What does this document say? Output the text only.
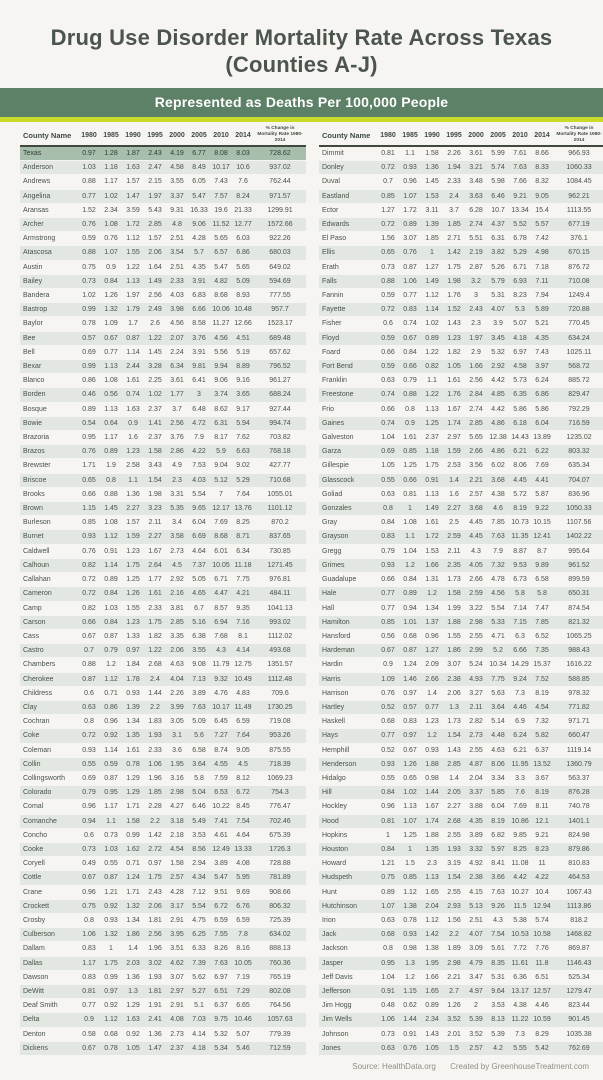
Drug Use Disorder Mortality Rate Across Texas
(Counties A-J)
Represented as Deaths Per 100,000 People
County Name	1980	1985	1990	1995	2000	2005	2010	2014	% Change in Mortality Rate 1980-2014
Texas	0.97	1.28	1.87	2.43	4.19	6.77	8.08	8.03	728.62
Anderson	1.03	1.18	1.63	2.47	4.58	8.49	10.17	10.6	937.02
Andrews	0.88	1.17	1.57	2.15	3.55	6.05	7.43	7.6	762.44
Angelina	0.77	1.02	1.47	1.97	3.37	5.47	7.57	8.24	971.57
Aransas	1.52	2.34	3.59	5.43	9.31	16.33	19.6	21.33	1299.91
Archer	0.76	1.08	1.72	2.85	4.8	9.06	11.52	12.77	1572.66
Armstrong	0.59	0.76	1.12	1.57	2.51	4.28	5.65	6.03	922.26
Atascosa	0.88	1.07	1.55	2.06	3.54	5.7	6.57	6.86	680.03
Austin	0.75	0.9	1.22	1.64	2.51	4.35	5.47	5.65	649.02
Bailey	0.73	0.84	1.13	1.49	2.33	3.91	4.82	5.09	594.69
Bandera	1.02	1.26	1.97	2.56	4.03	6.83	8.68	8.93	777.55
Bastrop	0.99	1.32	1.79	2.49	3.98	6.66	10.06	10.48	957.7
Baylor	0.78	1.09	1.7	2.6	4.56	8.58	11.27	12.66	1523.17
Bee	0.57	0.67	0.87	1.22	2.07	3.76	4.56	4.51	689.48
Bell	0.69	0.77	1.14	1.45	2.24	3.91	5.56	5.19	657.62
Bexar	0.99	1.13	2.44	3.28	6.34	9.81	9.94	8.89	796.52
Blanco	0.86	1.08	1.61	2.25	3.61	6.41	9.06	9.16	961.27
Borden	0.46	0.56	0.74	1.02	1.77	3	3.74	3.65	688.24
Bosque	0.89	1.13	1.63	2.37	3.7	6.48	8.62	9.17	927.44
Bowie	0.54	0.64	0.9	1.41	2.56	4.72	6.31	5.94	994.74
Brazoria	0.95	1.17	1.6	2.37	3.76	7.9	8.17	7.62	703.82
Brazos	0.76	0.89	1.23	1.58	2.86	4.22	5.9	6.63	768.18
Brewster	1.71	1.9	2.58	3.43	4.9	7.53	9.04	9.02	427.77
Briscoe	0.65	0.8	1.1	1.54	2.3	4.03	5.12	5.29	710.68
Brooks	0.66	0.88	1.36	1.98	3.31	5.54	7	7.64	1055.01
Brown	1.15	1.45	2.27	3.23	5.35	9.65	12.17	13.76	1101.12
Burleson	0.85	1.08	1.57	2.11	3.4	6.04	7.69	8.25	870.2
Burnet	0.93	1.12	1.59	2.27	3.58	6.69	8.68	8.71	837.65
Caldwell	0.76	0.91	1.23	1.67	2.73	4.64	6.01	6.34	730.85
Calhoun	0.82	1.14	1.75	2.64	4.5	7.37	10.05	11.18	1271.45
Callahan	0.72	0.89	1.25	1.77	2.92	5.05	6.71	7.75	976.81
Cameron	0.72	0.84	1.26	1.61	2.16	4.65	4.47	4.21	484.11
Camp	0.82	1.03	1.55	2.33	3.81	6.7	8.57	9.35	1041.13
Carson	0.66	0.84	1.23	1.75	2.85	5.16	6.94	7.16	993.02
Cass	0.67	0.87	1.33	1.82	3.35	6.38	7.68	8.1	1112.02
Castro	0.7	0.79	0.97	1.22	2.06	3.55	4.3	4.14	493.68
Chambers	0.88	1.2	1.84	2.68	4.63	9.08	11.79	12.75	1351.57
Cherokee	0.87	1.12	1.78	2.4	4.04	7.13	9.32	10.49	1112.48
Childress	0.6	0.71	0.93	1.44	2.26	3.89	4.76	4.83	709.6
Clay	0.63	0.86	1.39	2.2	3.99	7.63	10.17	11.49	1730.25
Cochran	0.8	0.96	1.34	1.83	3.05	5.09	6.45	6.59	719.08
Coke	0.72	0.92	1.35	1.93	3.1	5.6	7.27	7.64	953.26
Coleman	0.93	1.14	1.61	2.33	3.6	6.58	8.74	9.05	875.55
Collin	0.55	0.59	0.78	1.06	1.95	3.64	4.55	4.5	718.39
Collingsworth	0.69	0.87	1.29	1.96	3.16	5.8	7.59	8.12	1069.23
Colorado	0.79	0.95	1.29	1.85	2.98	5.04	6.53	6.72	754.3
Comal	0.96	1.17	1.71	2.28	4.27	6.46	10.22	8.45	776.47
Comanche	0.94	1.1	1.58	2.2	3.18	5.49	7.41	7.54	702.46
Concho	0.6	0.73	0.99	1.42	2.18	3.53	4.61	4.64	675.39
Cooke	0.73	1.03	1.62	2.72	4.54	8.56	12.49	13.33	1726.3
Coryell	0.49	0.55	0.71	0.97	1.58	2.94	3.89	4.08	728.88
Cottle	0.67	0.87	1.24	1.75	2.57	4.34	5.47	5.95	781.89
Crane	0.96	1.21	1.71	2.43	4.28	7.12	9.51	9.69	908.66
Crockett	0.75	0.92	1.32	2.06	3.17	5.54	6.72	6.76	806.32
Crosby	0.8	0.93	1.34	1.81	2.91	4.75	6.59	6.59	725.39
Culberson	1.06	1.32	1.86	2.56	3.95	6.25	7.55	7.8	634.02
Dallam	0.83	1	1.4	1.96	3.51	6.33	8.26	8.16	888.13
Dallas	1.17	1.75	2.03	3.02	4.62	7.39	7.63	10.05	760.36
Dawson	0.83	0.99	1.36	1.93	3.07	5.62	6.97	7.19	765.19
DeWitt	0.81	0.97	1.3	1.81	2.97	5.27	6.51	7.29	802.08
Deaf Smith	0.77	0.92	1.29	1.91	2.91	5.1	6.37	6.65	764.56
Delta	0.9	1.12	1.63	2.41	4.08	7.03	9.75	10.46	1057.63
Denton	0.58	0.68	0.92	1.36	2.73	4.14	5.32	5.07	779.39
Dickens	0.67	0.78	1.05	1.47	2.37	4.18	5.34	5.46	712.59
County Name	1980	1985	1990	1995	2000	2005	2010	2014	% Change in Mortality Rate 1980-2014
Dimmit	0.81	1.1	1.58	2.26	3.61	5.99	7.61	8.66	966.93
Donley	0.72	0.93	1.36	1.94	3.21	5.74	7.63	8.33	1060.33
Duval	0.7	0.96	1.45	2.33	3.48	5.98	7.66	8.32	1084.45
Eastland	0.85	1.07	1.53	2.4	3.63	6.46	9.21	9.05	962.21
Ector	1.27	1.72	3.11	3.7	6.28	10.7	13.34	15.4	1113.55
Edwards	0.72	0.89	1.39	1.85	2.74	4.37	5.52	5.57	677.19
El Paso	1.56	3.07	1.85	2.71	5.51	6.31	6.78	7.42	376.1
Ellis	0.65	0.76	1	1.42	2.19	3.82	5.29	4.98	670.15
Erath	0.73	0.87	1.27	1.75	2.87	5.26	6.71	7.18	876.72
Falls	0.88	1.06	1.49	1.98	3.2	5.79	6.93	7.11	710.08
Fannin	0.59	0.77	1.12	1.76	3	5.31	8.23	7.94	1249.4
Fayette	0.72	0.83	1.14	1.52	2.43	4.07	5.3	5.89	720.88
Fisher	0.6	0.74	1.02	1.43	2.3	3.9	5.07	5.21	770.45
Floyd	0.59	0.67	0.89	1.23	1.97	3.45	4.18	4.35	634.24
Foard	0.66	0.84	1.22	1.82	2.9	5.32	6.97	7.43	1025.11
Fort Bend	0.59	0.66	0.82	1.05	1.66	2.92	4.58	3.97	568.72
Franklin	0.63	0.79	1.1	1.61	2.56	4.42	5.73	6.24	885.72
Freestone	0.74	0.88	1.22	1.76	2.84	4.85	6.35	6.86	829.47
Frio	0.66	0.8	1.13	1.67	2.74	4.42	5.86	5.86	792.29
Gaines	0.74	0.9	1.25	1.74	2.85	4.86	6.18	6.04	716.59
Galveston	1.04	1.61	2.37	2.97	5.65	12.38	14.43	13.89	1235.02
Garza	0.69	0.85	1.18	1.59	2.66	4.86	6.21	6.22	803.32
Gillespie	1.05	1.25	1.75	2.53	3.56	6.02	8.06	7.69	635.34
Glasscock	0.55	0.66	0.91	1.4	2.21	3.68	4.45	4.41	704.07
Goliad	0.63	0.81	1.13	1.6	2.57	4.38	5.72	5.87	836.96
Gonzales	0.8	1	1.49	2.27	3.68	4.6	8.19	9.22	1050.33
Gray	0.84	1.08	1.61	2.5	4.45	7.85	10.73	10.15	1107.56
Grayson	0.83	1.1	1.72	2.59	4.45	7.63	11.35	12.41	1402.22
Gregg	0.79	1.04	1.53	2.11	4.3	7.9	8.87	8.7	995.64
Grimes	0.93	1.2	1.66	2.35	4.05	7.32	9.53	9.89	961.52
Guadalupe	0.66	0.84	1.31	1.73	2.66	4.78	6.73	6.58	899.59
Hale	0.77	0.89	1.2	1.58	2.59	4.56	5.8	5.8	650.31
Hall	0.77	0.94	1.34	1.99	3.22	5.54	7.14	7.47	874.54
Hamilton	0.85	1.01	1.37	1.88	2.98	5.33	7.15	7.85	821.32
Hansford	0.56	0.68	0.96	1.55	2.55	4.71	6.3	6.52	1065.25
Hardeman	0.67	0.87	1.27	1.86	2.99	5.2	6.66	7.35	988.43
Hardin	0.9	1.24	2.09	3.07	5.24	10.34	14.29	15.37	1616.22
Harris	1.09	1.46	2.66	2.38	4.93	7.75	9.24	7.52	588.85
Harrison	0.76	0.97	1.4	2.06	3.27	5.63	7.3	8.19	978.32
Hartley	0.52	0.57	0.77	1.3	2.11	3.64	4.46	4.54	771.82
Haskell	0.68	0.83	1.23	1.73	2.82	5.14	6.9	7.32	971.71
Hays	0.77	0.97	1.2	1.54	2.73	4.48	6.24	5.82	660.47
Hemphill	0.52	0.67	0.93	1.43	2.55	4.63	6.21	6.37	1119.14
Henderson	0.93	1.26	1.88	2.85	4.87	8.06	11.95	13.52	1360.79
Hidalgo	0.55	0.65	0.98	1.4	2.04	3.34	3.3	3.67	563.37
Hill	0.84	1.02	1.44	2.05	3.37	5.85	7.6	8.19	876.28
Hockley	0.96	1.13	1.67	2.27	3.88	6.04	7.69	8.11	740.78
Hood	0.81	1.07	1.74	2.68	4.35	8.19	10.86	12.1	1401.1
Hopkins	1	1.25	1.88	2.55	3.89	6.82	9.85	9.21	824.98
Houston	0.84	1	1.35	1.93	3.32	5.97	8.25	8.23	879.86
Howard	1.21	1.5	2.3	3.19	4.92	8.41	11.08	11	810.83
Hudspeth	0.75	0.85	1.13	1.54	2.38	3.66	4.42	4.22	464.53
Hunt	0.89	1.12	1.65	2.55	4.15	7.63	10.27	10.4	1067.43
Hutchinson	1.07	1.38	2.04	2.93	5.13	9.26	11.5	12.94	1113.86
Irion	0.63	0.78	1.12	1.56	2.51	4.3	5.38	5.74	818.2
Jack	0.68	0.93	1.42	2.2	4.07	7.54	10.53	10.58	1468.82
Jackson	0.8	0.98	1.38	1.89	3.09	5.61	7.72	7.76	869.87
Jasper	0.95	1.3	1.95	2.98	4.79	8.35	11.61	11.8	1146.43
Jeff Davis	1.04	1.2	1.66	2.21	3.47	5.31	6.36	6.51	525.34
Jefferson	0.91	1.15	1.65	2.7	4.97	9.64	13.17	12.57	1279.47
Jim Hogg	0.48	0.62	0.89	1.26	2	3.53	4.38	4.46	823.44
Jim Wells	1.06	1.44	2.34	3.52	5.39	8.13	11.22	10.59	901.45
Johnson	0.73	0.91	1.43	2.01	3.52	5.39	7.3	8.29	1035.38
Jones	0.63	0.76	1.05	1.5	2.57	4.2	5.55	5.42	762.69
Source: HealthData.org Created by GreenhouseTreatment.com
